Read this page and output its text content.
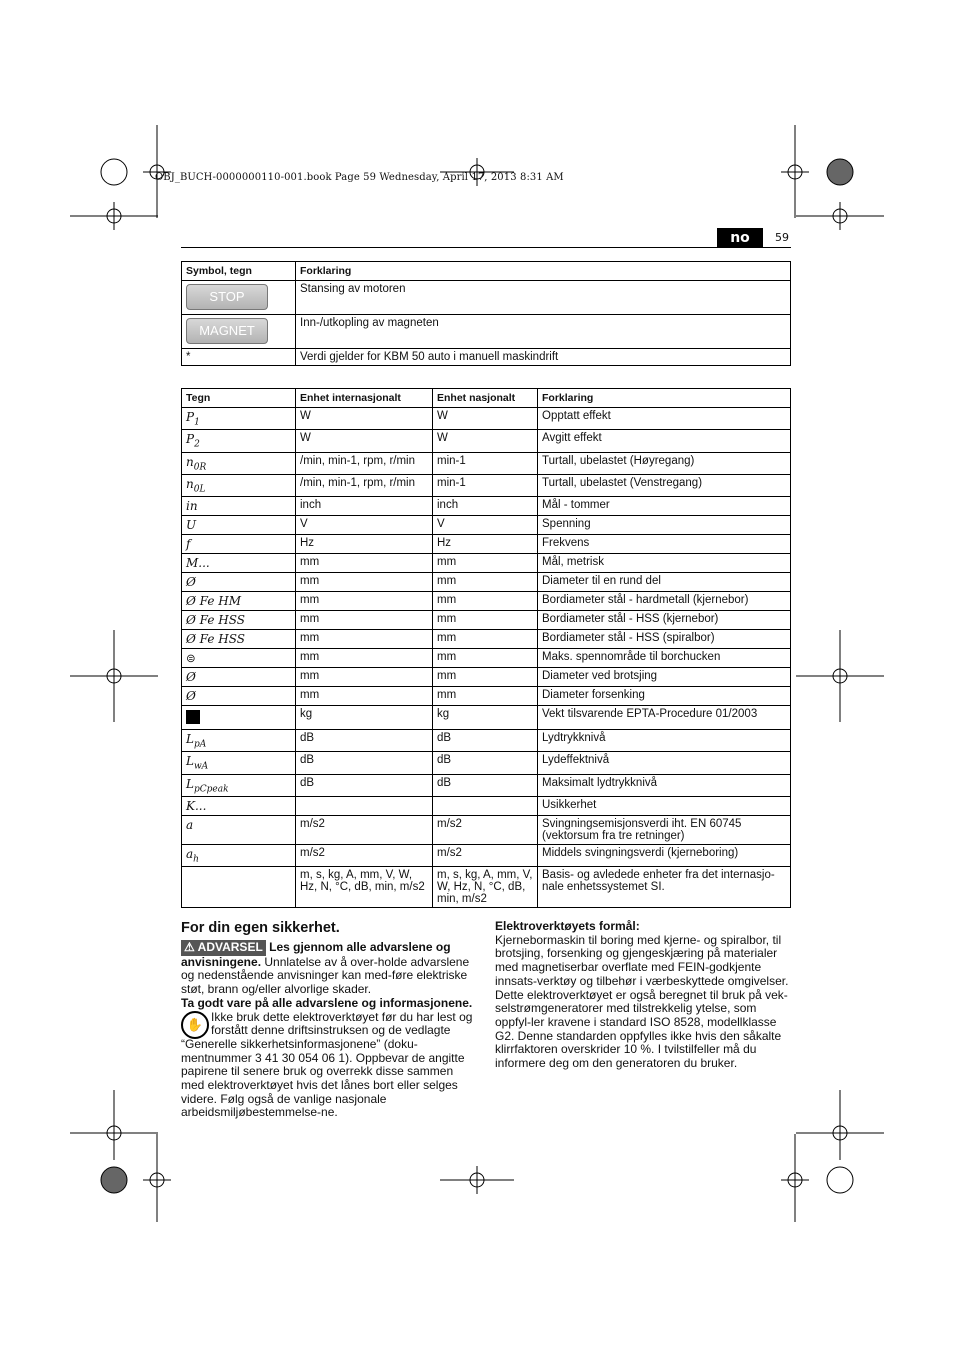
OBJ_BUCH-0000000110-001.book Page 59 Wednesday, April 17, 2013 8:31 AM
no	59
Symbol, tegn	Forklaring
STOP	Stansing av motoren
MAGNET	Inn-/utkopling av magneten
*	Verdi gjelder for KBM 50 auto i manuell maskindrift
Tegn	Enhet internasjonalt	Enhet nasjonalt	Forklaring
$P_1$	W	W	Opptatt effekt
$P_2$	W	W	Avgitt effekt
$n_{0R}$	/min, min-1, rpm, r/min	min-1	Turtall, ubelastet (Høyregang)
$n_{0L}$	/min, min-1, rpm, r/min	min-1	Turtall, ubelastet (Venstregang)
in	inch	inch	Mål - tommer
U	V	V	Spenning
f	Hz	Hz	Frekvens
M...	mm	mm	Mål, metrisk
Ø	mm	mm	Diameter til en rund del
Ø Fe HM	mm	mm	Bordiameter stål - hardmetall (kjernebor)
Ø Fe HSS	mm	mm	Bordiameter stål - HSS (kjernebor)
Ø Fe HSS	mm	mm	Bordiameter stål - HSS (spiralbor)
⊜	mm	mm	Maks. spennområde til borchucken
Ø	mm	mm	Diameter ved brotsjing
Ø	mm	mm	Diameter forsenking
	kg	kg	Vekt tilsvarende EPTA-Procedure 01/2003
$L_{pA}$	dB	dB	Lydtrykknivå
$L_{wA}$	dB	dB	Lydeffektnivå
$L_{pCpeak}$	dB	dB	Maksimalt lydtrykknivå
K...			Usikkerhet
a	m/s2	m/s2	Svingningsemisjonsverdi iht. EN 60745 (vektorsum fra tre retninger)
$a_h$	m/s2	m/s2	Middels svingningsverdi (kjerneboring)
	m, s, kg, A, mm, V, W, Hz, N, °C, dB, min, m/s2	m, s, kg, A, mm, V, W, Hz, N, °C, dB, min, m/s2	Basis- og avledede enheter fra det internasjo-nale enhetssystemet SI.
For din egen sikkerhet.
⚠ ADVARSEL Les gjennom alle advarslene og anvisningene. Unnlatelse av å over-holde advarslene og nedenstående anvisninger kan med-føre elektriske støt, brann og/eller alvorlige skader.
Ta godt vare på alle advarslene og informasjonene.

Ikke bruk dette elektroverktøyet før du har lest og forstått denne driftsinstruksen og de vedlagte “Generelle sikkerhetsinformasjonene” (doku-mentnummer 3 41 30 054 06 1). Oppbevar de angitte papirene til senere bruk og overrekk disse sammen med elektroverktøyet hvis det lånes bort eller selges videre. Følg også de vanlige nasjonale arbeidsmiljøbestemmelse-ne.
✋
Elektroverktøyets formål:
Kjernebormaskin til boring med kjerne- og spiralbor, til brotsjing, forsenking og gjengeskjæring på materialer med magnetiserbar overflate med FEIN-godkjente innsats-verktøy og tilbehør i værbeskyttede omgivelser.
Dette elektroverktøyet er også beregnet til bruk på vek-selstrømgeneratorer med tilstrekkelig ytelse, som oppfyl-ler kravene i standard ISO 8528, modellklasse G2. Denne standarden oppfylles ikke hvis den såkalte klirrfaktoren overskrider 10 %. I tvilstilfeller må du informere deg om den generatoren du bruker.
